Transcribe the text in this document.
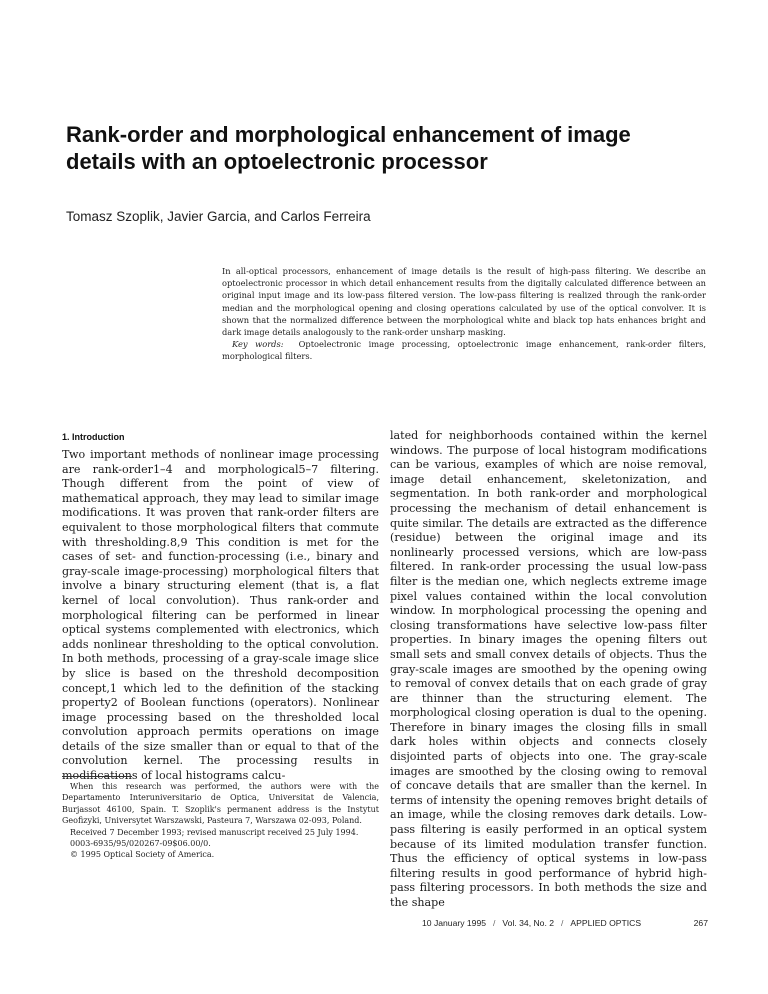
Rank-order and morphological enhancement of image details with an optoelectronic processor
Tomasz Szoplik, Javier Garcia, and Carlos Ferreira

In all-optical processors, enhancement of image details is the result of high-pass filtering. We describe an optoelectronic processor in which detail enhancement results from the digitally calculated difference between an original input image and its low-pass filtered version. The low-pass filtering is realized through the rank-order median and the morphological opening and closing operations calculated by use of the optical convolver. It is shown that the normalized difference between the morphological white and black top hats enhances bright and dark image details analogously to the rank-order unsharp masking.

Key words: Optoelectronic image processing, optoelectronic image enhancement, rank-order filters, morphological filters.

1. Introduction

Two important methods of nonlinear image processing are rank-order1–4 and morphological5–7 filtering. Though different from the point of view of mathematical approach, they may lead to similar image modifications. It was proven that rank-order filters are equivalent to those morphological filters that commute with thresholding.8,9 This condition is met for the cases of set- and function-processing (i.e., binary and gray-scale image-processing) morphological filters that involve a binary structuring element (that is, a flat kernel of local convolution). Thus rank-order and morphological filtering can be performed in linear optical systems complemented with electronics, which adds nonlinear thresholding to the optical convolution. In both methods, processing of a gray-scale image slice by slice is based on the threshold decomposition concept,1 which led to the definition of the stacking property2 of Boolean functions (operators). Nonlinear image processing based on the thresholded local convolution approach permits operations on image details of the size smaller than or equal to that of the convolution kernel. The processing results in modifications of local histograms calcu-

lated for neighborhoods contained within the kernel windows. The purpose of local histogram modifications can be various, examples of which are noise removal, image detail enhancement, skeletonization, and segmentation. In both rank-order and morphological processing the mechanism of detail enhancement is quite similar. The details are extracted as the difference (residue) between the original image and its nonlinearly processed versions, which are low-pass filtered. In rank-order processing the usual low-pass filter is the median one, which neglects extreme image pixel values contained within the local convolution window. In morphological processing the opening and closing transformations have selective low-pass filter properties. In binary images the opening filters out small sets and small convex details of objects. Thus the gray-scale images are smoothed by the opening owing to removal of convex details that on each grade of gray are thinner than the structuring element. The morphological closing operation is dual to the opening. Therefore in binary images the closing fills in small dark holes within objects and connects closely disjointed parts of objects into one. The gray-scale images are smoothed by the closing owing to removal of concave details that are smaller than the kernel. In terms of intensity the opening removes bright details of an image, while the closing removes dark details. Low-pass filtering is easily performed in an optical system because of its limited modulation transfer function. Thus the efficiency of optical systems in low-pass filtering results in good performance of hybrid high-pass filtering processors. In both methods the size and the shape

When this research was performed, the authors were with the Departamento Interuniversitario de Optica, Universitat de Valencia, Burjassot 46100, Spain. T. Szoplik's permanent address is the Instytut Geofizyki, Universytet Warszawski, Pasteura 7, Warszawa 02-093, Poland.

Received 7 December 1993; revised manuscript received 25 July 1994.

0003-6935/95/020267-09$06.00/0.

© 1995 Optical Society of America.

10 January 1995 / Vol. 34, No. 2 / APPLIED OPTICS	267
